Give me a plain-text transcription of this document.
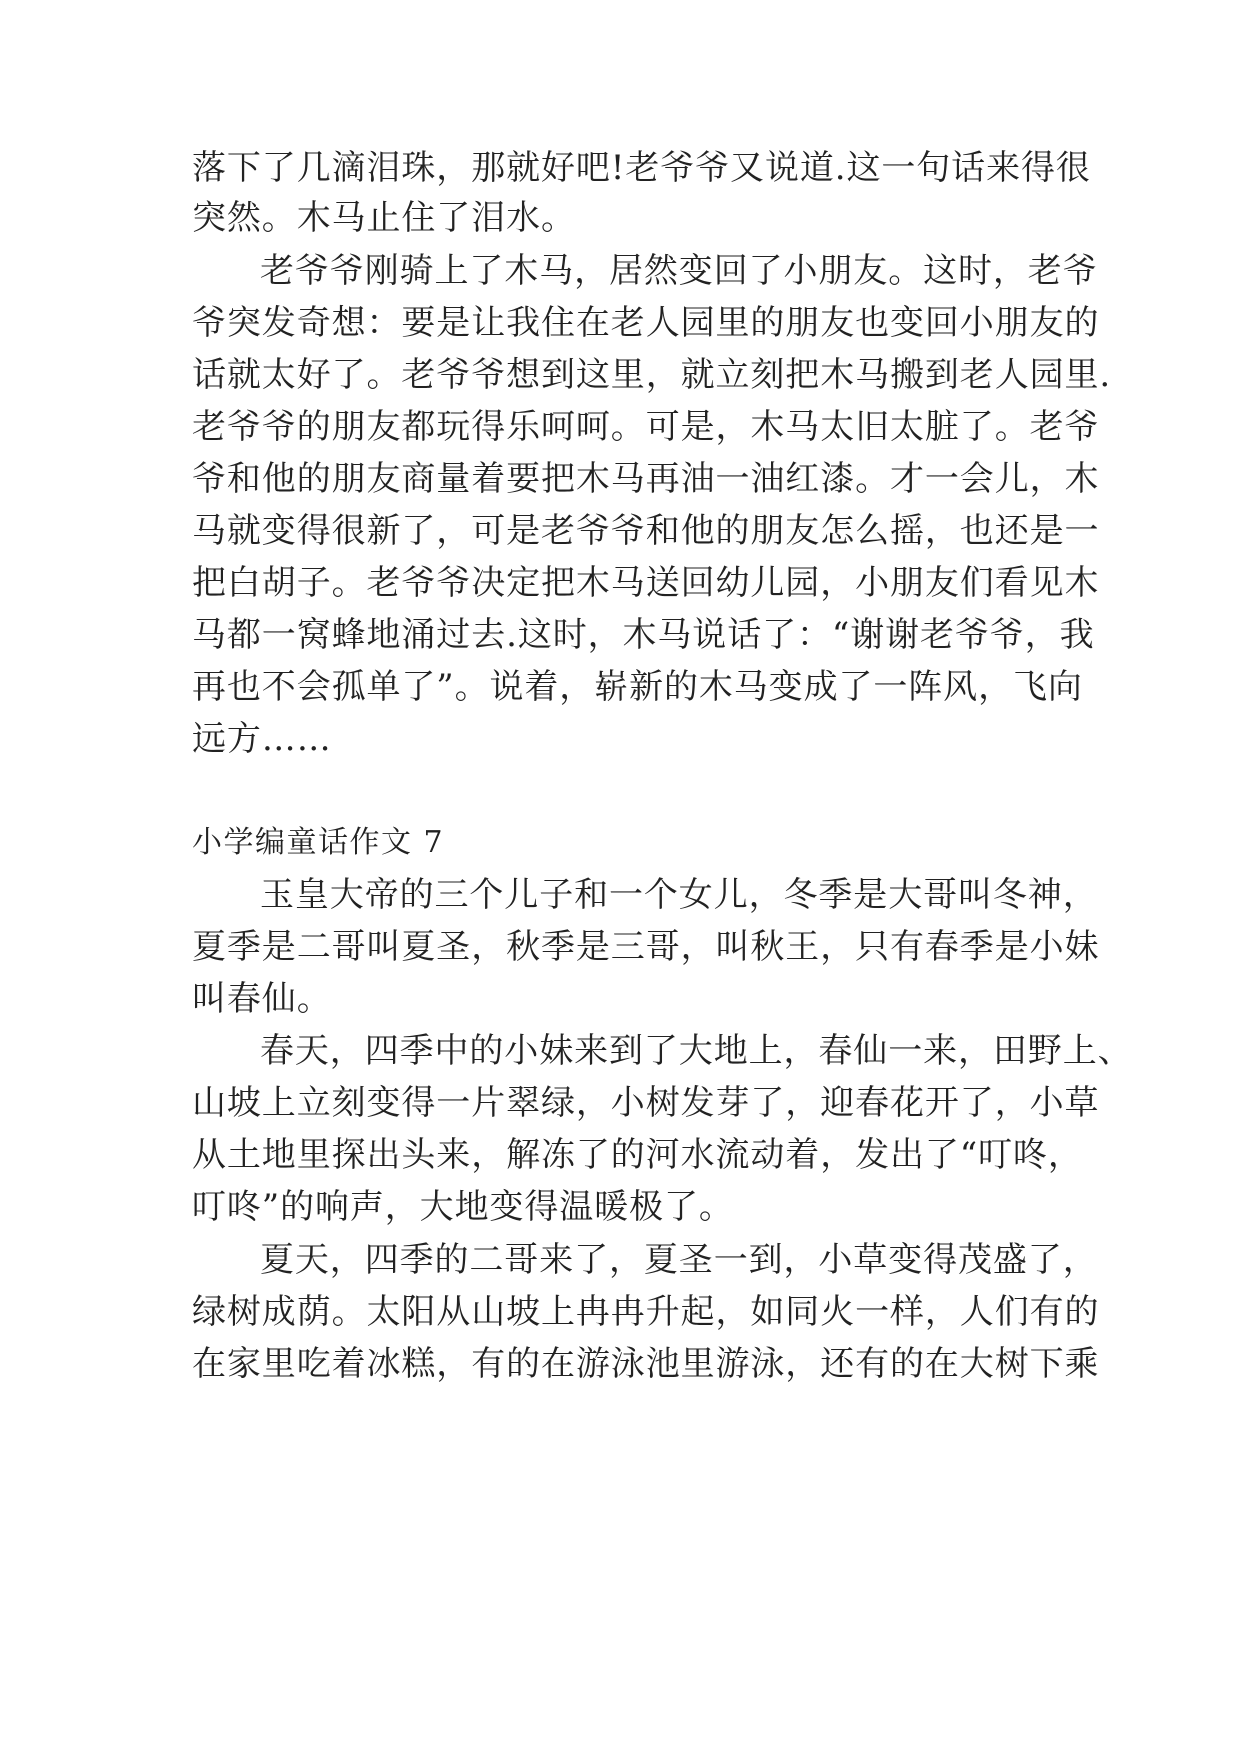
落下了几滴泪珠，那就好吧!老爷爷又说道.这一句话来得很
突然。木马止住了泪水。
老爷爷刚骑上了木马，居然变回了小朋友。这时，老爷
爷突发奇想：要是让我住在老人园里的朋友也变回小朋友的
话就太好了。老爷爷想到这里，就立刻把木马搬到老人园里.
老爷爷的朋友都玩得乐呵呵。可是，木马太旧太脏了。老爷
爷和他的朋友商量着要把木马再油一油红漆。才一会儿，木
马就变得很新了，可是老爷爷和他的朋友怎么摇，也还是一
把白胡子。老爷爷决定把木马送回幼儿园，小朋友们看见木
马都一窝蜂地涌过去.这时，木马说话了：“谢谢老爷爷，我
再也不会孤单了”。说着，崭新的木马变成了一阵风，飞向
远方……
小学编童话作文 7
玉皇大帝的三个儿子和一个女儿，冬季是大哥叫冬神，
夏季是二哥叫夏圣，秋季是三哥，叫秋王，只有春季是小妹
叫春仙。
春天，四季中的小妹来到了大地上，春仙一来，田野上、
山坡上立刻变得一片翠绿，小树发芽了，迎春花开了，小草
从土地里探出头来，解冻了的河水流动着，发出了“叮咚，
叮咚”的响声，大地变得温暖极了。
夏天，四季的二哥来了，夏圣一到，小草变得茂盛了，
绿树成荫。太阳从山坡上冉冉升起，如同火一样，人们有的
在家里吃着冰糕，有的在游泳池里游泳，还有的在大树下乘
